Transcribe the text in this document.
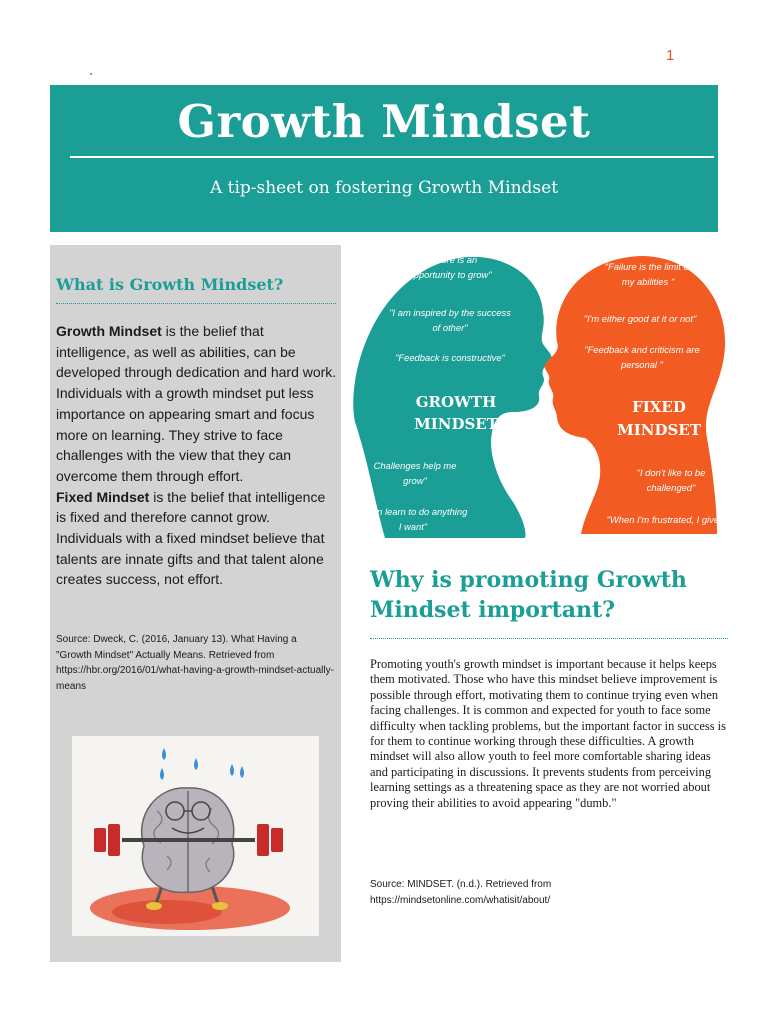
1
Growth Mindset
A tip-sheet on fostering Growth Mindset
What is Growth Mindset?

Growth Mindset is the belief that intelligence, as well as abilities, can be developed through dedication and hard work. Individuals with a growth mindset put less importance on appearing smart and focus more on learning. They strive to face challenges with the view that they can overcome them through effort.
Fixed Mindset is the belief that intelligence is fixed and therefore cannot grow. Individuals with a fixed mindset believe that talents are innate gifts and that talent alone creates success, not effort.

Source: Dweck, C. (2016, January 13). What Having a "Growth Mindset" Actually Means. Retrieved from https://hbr.org/2016/01/what-having-a-growth-mindset-actually-means

"Failure is an opportunity to grow"
"I am inspired by the success of other"
"Feedback is constructive"
GROWTH MINDSET
Challenges help me grow"
"I can learn to do anything I want"
"Failure is the limit of my abilities "
"I'm either good at it or not"
"Feedback and criticism are personal "
FIXED MINDSET
"I don't like to be challenged"
"When I'm frustrated, I give up"
Why is promoting Growth Mindset important?

Promoting youth's growth mindset is important because it helps keeps them motivated. Those who have this mindset believe improvement is possible through effort, motivating them to continue trying even when facing challenges. It is common and expected for youth to face some difficulty when tackling problems, but the important factor in success is for them to continue working through these difficulties. A growth mindset will also allow youth to feel more comfortable sharing ideas and participating in discussions. It prevents students from perceiving learning settings as a threatening space as they are not worried about proving their abilities to avoid appearing "dumb."

Source: MINDSET. (n.d.). Retrieved from https://mindsetonline.com/whatisit/about/
